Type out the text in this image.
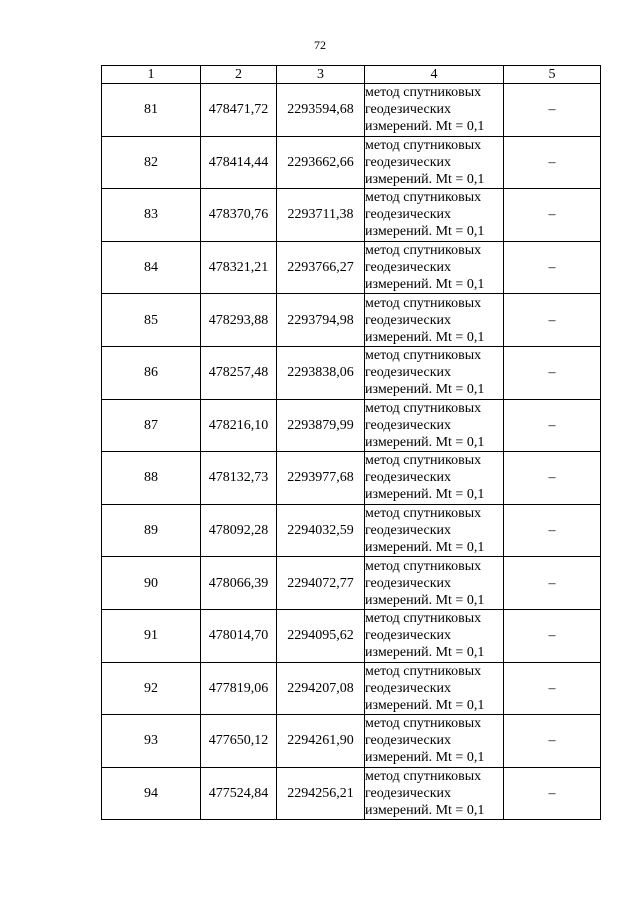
72
1	2	3	4	5
81	478471,72	2293594,68	метод спутниковых
геодезических
измерений. Mt = 0,1	–
82	478414,44	2293662,66	метод спутниковых
геодезических
измерений. Mt = 0,1	–
83	478370,76	2293711,38	метод спутниковых
геодезических
измерений. Mt = 0,1	–
84	478321,21	2293766,27	метод спутниковых
геодезических
измерений. Mt = 0,1	–
85	478293,88	2293794,98	метод спутниковых
геодезических
измерений. Mt = 0,1	–
86	478257,48	2293838,06	метод спутниковых
геодезических
измерений. Mt = 0,1	–
87	478216,10	2293879,99	метод спутниковых
геодезических
измерений. Mt = 0,1	–
88	478132,73	2293977,68	метод спутниковых
геодезических
измерений. Mt = 0,1	–
89	478092,28	2294032,59	метод спутниковых
геодезических
измерений. Mt = 0,1	–
90	478066,39	2294072,77	метод спутниковых
геодезических
измерений. Mt = 0,1	–
91	478014,70	2294095,62	метод спутниковых
геодезических
измерений. Mt = 0,1	–
92	477819,06	2294207,08	метод спутниковых
геодезических
измерений. Mt = 0,1	–
93	477650,12	2294261,90	метод спутниковых
геодезических
измерений. Mt = 0,1	–
94	477524,84	2294256,21	метод спутниковых
геодезических
измерений. Mt = 0,1	–
